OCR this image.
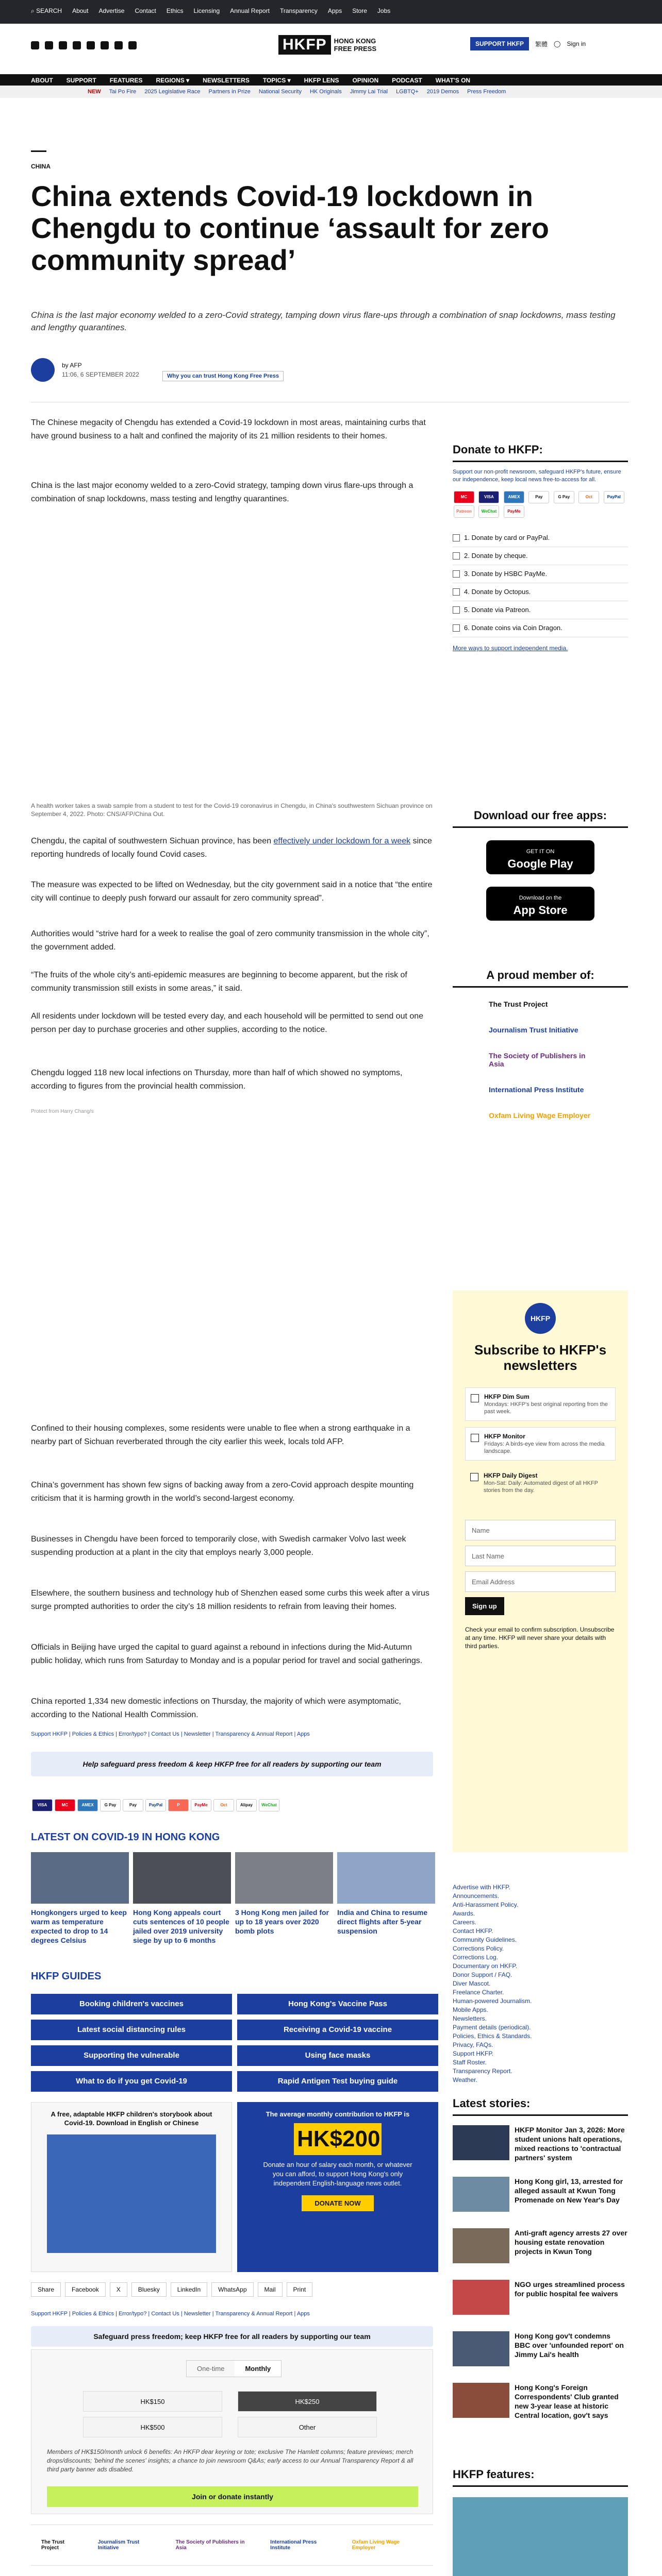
⌕ SEARCH About Advertise Contact Ethics Licensing Annual Report Transparency Apps Store Jobs
HKFP	HONG KONG
FREE PRESS
SUPPORT HKFP	繁體 ◯ Sign in
ABOUT SUPPORT FEATURES REGIONS ▾ NEWSLETTERS TOPICS ▾ HKFP LENS OPINION PODCAST WHAT'S ON
NEW Tai Po Fire 2025 Legislative Race Partners in Prize National Security HK Originals Jimmy Lai Trial LGBTQ+ 2019 Demos Press Freedom
CHINA
China extends Covid-19 lockdown in Chengdu to continue ‘assault for zero community spread’
China is the last major economy welded to a zero-Covid strategy, tamping down virus flare-ups through a combination of snap lockdowns, mass testing and lengthy quarantines.
by AFP
11:06, 6 SEPTEMBER 2022	Why you can trust Hong Kong Free Press
The Chinese megacity of Chengdu has extended a Covid-19 lockdown in most areas, maintaining curbs that have ground business to a halt and confined the majority of its 21 million residents to their homes.
China is the last major economy welded to a zero-Covid strategy, tamping down virus flare-ups through a combination of snap lockdowns, mass testing and lengthy quarantines.
A health worker takes a swab sample from a student to test for the Covid-19 coronavirus in Chengdu, in China's southwestern Sichuan province on September 4, 2022. Photo: CNS/AFP/China Out.
Chengdu, the capital of southwestern Sichuan province, has been effectively under lockdown for a week since reporting hundreds of locally found Covid cases.
The measure was expected to be lifted on Wednesday, but the city government said in a notice that “the entire city will continue to deeply push forward our assault for zero community spread”.
Authorities would “strive hard for a week to realise the goal of zero community transmission in the whole city”, the government added.
“The fruits of the whole city’s anti-epidemic measures are beginning to become apparent, but the risk of community transmission still exists in some areas,” it said.
All residents under lockdown will be tested every day, and each household will be permitted to send out one person per day to purchase groceries and other supplies, according to the notice.
Chengdu logged 118 new local infections on Thursday, more than half of which showed no symptoms, according to figures from the provincial health commission.
Protect from Harry Chang/s
Confined to their housing complexes, some residents were unable to flee when a strong earthquake in a nearby part of Sichuan reverberated through the city earlier this week, locals told AFP.
China’s government has shown few signs of backing away from a zero-Covid approach despite mounting criticism that it is harming growth in the world’s second-largest economy.
Businesses in Chengdu have been forced to temporarily close, with Swedish carmaker Volvo last week suspending production at a plant in the city that employs nearly 3,000 people.
Elsewhere, the southern business and technology hub of Shenzhen eased some curbs this week after a virus surge prompted authorities to order the city’s 18 million residents to refrain from leaving their homes.
Officials in Beijing have urged the capital to guard against a rebound in infections during the Mid-Autumn public holiday, which runs from Saturday to Monday and is a popular period for travel and social gatherings.
China reported 1,334 new domestic infections on Thursday, the majority of which were asymptomatic, according to the National Health Commission.
Support HKFP | Policies & Ethics | Error/typo? | Contact Us | Newsletter | Transparency & Annual Report | Apps
Help safeguard press freedom & keep HKFP free for all readers by supporting our team
VISA	MC	AMEX	G Pay	Pay	PayPal	P	PayMe	Oct	Alipay	WeChat
LATEST ON COVID-19 IN HONG KONG
Hongkongers urged to keep warm as temperature expected to drop to 14 degrees Celsius
Hong Kong appeals court cuts sentences of 10 people jailed over 2019 university siege by up to 6 months
3 Hong Kong men jailed for up to 18 years over 2020 bomb plots
India and China to resume direct flights after 5-year suspension
HKFP GUIDES
Booking children's vaccines	Hong Kong's Vaccine Pass
Latest social distancing rules	Receiving a Covid-19 vaccine
Supporting the vulnerable	Using face masks
What to do if you get Covid-19	Rapid Antigen Test buying guide
A free, adaptable HKFP children's storybook about Covid-19. Download in English or Chinese
The average monthly contribution to HKFP is
HK$200
Donate an hour of salary each month, or whatever you can afford, to support Hong Kong's only independent English-language news outlet.
DONATE NOW
Share	Facebook	X	Bluesky	LinkedIn	WhatsApp	Mail	Print
Support HKFP | Policies & Ethics | Error/typo? | Contact Us | Newsletter | Transparency & Annual Report | Apps
Safeguard press freedom; keep HKFP free for all readers by supporting our team
One-time	Monthly
HK$150	HK$250
HK$500	Other
Members of HK$150/month unlock 6 benefits: An HKFP dear keyring or tote; exclusive The Hamlett columns; feature previews; merch drops/discounts; 'behind the scenes' insights; a chance to join newsroom Q&As; early access to our Annual Transparency Report & all third party banner ads disabled.
Join or donate instantly
The Trust Project
Journalism Trust Initiative
The Society of Publishers in Asia
International Press Institute
Oxfam Living Wage Employer
Donate to HKFP:
Support our non-profit newsroom, safeguard HKFP's future, ensure our independence, keep local news free-to-access for all.
MC	VISA	AMEX	Pay	G Pay	Oct	PayPal Patreon WeChat	PayMe
1. Donate by card or PayPal.
2. Donate by cheque.
3. Donate by HSBC PayMe.
4. Donate by Octopus.
5. Donate via Patreon.
6. Donate coins via Coin Dragon.
More ways to support independent media.
Download our free apps:
GET IT ON
Google Play
Download on the
App Store
A proud member of:
The Trust Project
Journalism Trust Initiative
The Society of Publishers in Asia
International Press Institute
Oxfam Living Wage Employer
HKFP
Subscribe to HKFP's newsletters
HKFP Dim Sum
Mondays: HKFP's best original reporting from the past week.
HKFP Monitor
Fridays: A birds-eye view from across the media landscape.
HKFP Daily Digest
Mon-Sat: Daily: Automated digest of all HKFP stories from the day.
Name
Last Name
Email Address
Sign up
Check your email to confirm subscription. Unsubscribe at any time. HKFP will never share your details with third parties.
Advertise with HKFP.
Announcements.
Anti-Harassment Policy.
Awards.
Careers.
Contact HKFP.
Community Guidelines.
Corrections Policy.
Corrections Log.
Documentary on HKFP.
Donor Support / FAQ.
Diver Mascot.
Freelance Charter.
Human-powered Journalism.
Mobile Apps.
Newsletters.
Payment details (periodical).
Policies, Ethics & Standards.
Privacy, FAQs.
Support HKFP.
Staff Roster.
Transparency Report.
Weather.
Latest stories:
HKFP Monitor Jan 3, 2026: More student unions halt operations, mixed reactions to 'contractual partners' system
Hong Kong girl, 13, arrested for alleged assault at Kwun Tong Promenade on New Year's Day
Anti-graft agency arrests 27 over housing estate renovation projects in Kwun Tong
NGO urges streamlined process for public hospital fee waivers
Hong Kong gov't condemns BBC over 'unfounded report' on Jimmy Lai's health
Hong Kong's Foreign Correspondents' Club granted new 3-year lease at historic Central location, gov't says
HKFP features:
